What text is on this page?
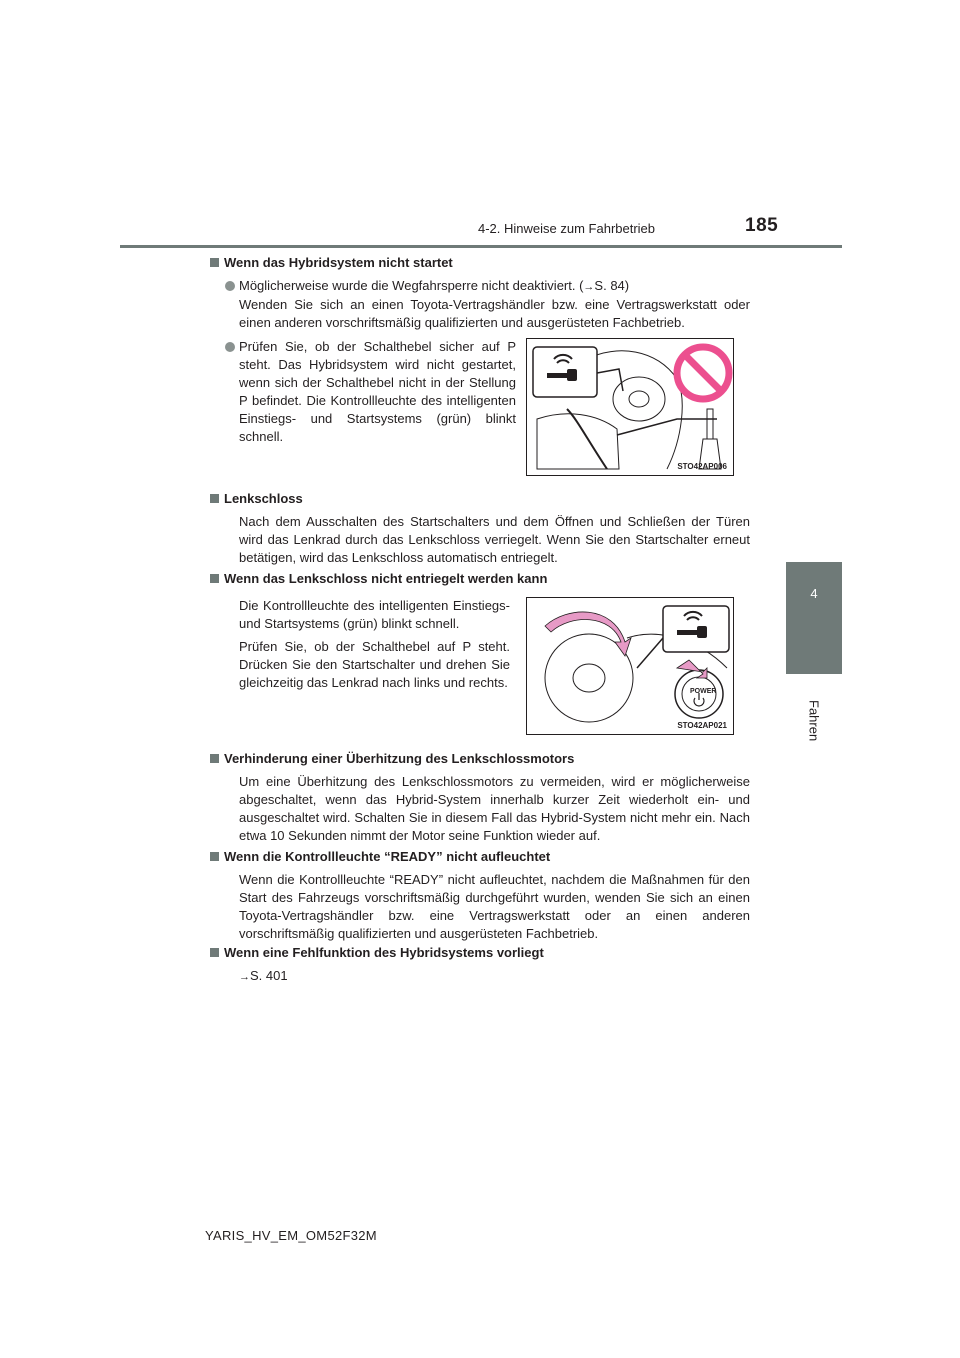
4-2. Hinweise zum Fahrbetrieb	185
4
Fahren
Wenn das Hybridsystem nicht startet
Möglicherweise wurde die Wegfahrsperre nicht deaktiviert. (→S. 84)
Wenden Sie sich an einen Toyota-Vertragshändler bzw. eine Vertragswerkstatt oder einen anderen vorschriftsmäßig qualifizierten und ausgerüsteten Fachbetrieb.
Prüfen Sie, ob der Schalthebel sicher auf P steht. Das Hybridsystem wird nicht gestartet, wenn sich der Schalthebel nicht in der Stellung P befindet. Die Kontrollleuchte des intelligenten Einstiegs- und Startsystems (grün) blinkt schnell.
STO42AP006
Lenkschloss
Nach dem Ausschalten des Startschalters und dem Öffnen und Schließen der Türen wird das Lenkrad durch das Lenkschloss verriegelt. Wenn Sie den Startschalter erneut betätigen, wird das Lenkschloss automatisch entriegelt.
Wenn das Lenkschloss nicht entriegelt werden kann
Die Kontrollleuchte des intelligenten Einstiegs- und Startsystems (grün) blinkt schnell.
Prüfen Sie, ob der Schalthebel auf P steht. Drücken Sie den Startschalter und drehen Sie gleichzeitig das Lenkrad nach links und rechts.
POWER
STO42AP021
Verhinderung einer Überhitzung des Lenkschlossmotors
Um eine Überhitzung des Lenkschlossmotors zu vermeiden, wird er möglicherweise abgeschaltet, wenn das Hybrid-System innerhalb kurzer Zeit wiederholt ein- und ausgeschaltet wird. Schalten Sie in diesem Fall das Hybrid-System nicht mehr ein. Nach etwa 10 Sekunden nimmt der Motor seine Funktion wieder auf.
Wenn die Kontrollleuchte “READY” nicht aufleuchtet
Wenn die Kontrollleuchte “READY” nicht aufleuchtet, nachdem die Maßnahmen für den Start des Fahrzeugs vorschriftsmäßig durchgeführt wurden, wenden Sie sich an einen Toyota-Vertragshändler bzw. eine Vertragswerkstatt oder an einen anderen vorschriftsmäßig qualifizierten und ausgerüsteten Fachbetrieb.
Wenn eine Fehlfunktion des Hybridsystems vorliegt
→S. 401
YARIS_HV_EM_OM52F32M
